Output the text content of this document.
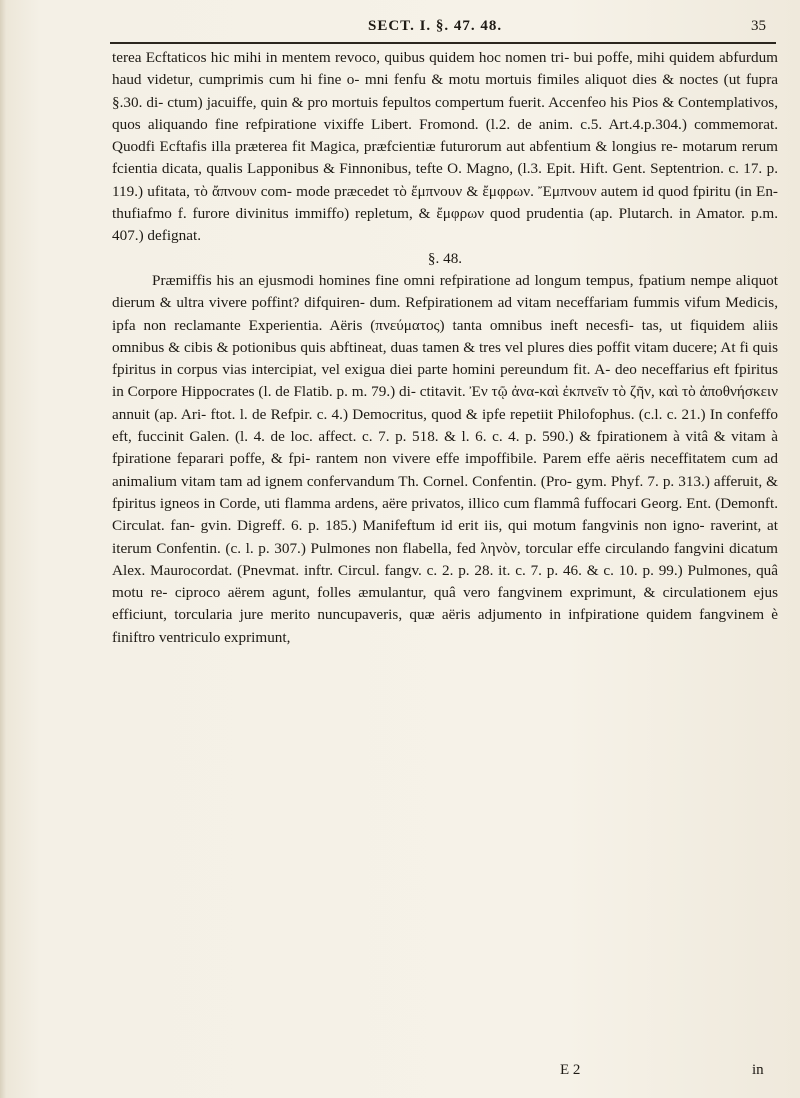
SECT. I. §. 47. 48.	35

terea Ecftaticos hic mihi in mentem revoco, quibus quidem hoc nomen tri- bui poffe, mihi quidem abfurdum haud videtur, cumprimis cum hi fine o- mni fenfu & motu mortuis fimiles aliquot dies & noctes (ut fupra §.30. di- ctum) jacuiffe, quin & pro mortuis fepultos compertum fuerit. Accenfeo his Pios & Contemplativos, quos aliquando fine refpiratione vixiffe Libert. Fromond. (l.2. de anim. c.5. Art.4.p.304.) commemorat. Quodfi Ecftafis illa præterea fit Magica, præfcientiæ futurorum aut abfentium & longius re- motarum rerum fcientia dicata, qualis Lapponibus & Finnonibus, tefte O. Magno, (l.3. Epit. Hift. Gent. Septentrion. c. 17. p. 119.) ufitata, τὸ ἄπνουν com- mode præcedet τὸ ἔμπνουν & ἔμφρων. Ἔμπνουν autem id quod fpiritu (in En- thufiafmo f. furore divinitus immiffo) repletum, & ἔμφρων quod prudentia (ap. Plutarch. in Amator. p.m. 407.) defignat.

§. 48.

Præmiffis his an ejusmodi homines fine omni refpiratione ad longum tempus, fpatium nempe aliquot dierum & ultra vivere poffint? difquiren- dum. Refpirationem ad vitam neceffariam fummis vifum Medicis, ipfa non reclamante Experientia. Aëris (πνεύματος) tanta omnibus ineft necesfi- tas, ut fiquidem aliis omnibus & cibis & potionibus quis abftineat, duas tamen & tres vel plures dies poffit vitam ducere; At fi quis fpiritus in corpus vias intercipiat, vel exigua diei parte homini pereundum fit. A- deo neceffarius eft fpiritus in Corpore Hippocrates (l. de Flatib. p. m. 79.) di- ctitavit. Ἐν τῷ ἀνα-καὶ ἐκπνεῖν τὸ ζῆν, καὶ τὸ ἀποθνήσκειν annuit (ap. Ari- ftot. l. de Refpir. c. 4.) Democritus, quod & ipfe repetiit Philofophus. (c.l. c. 21.) In confeffo eft, fuccinit Galen. (l. 4. de loc. affect. c. 7. p. 518. & l. 6. c. 4. p. 590.) & fpirationem à vitâ & vitam à fpiratione feparari poffe, & fpi- rantem non vivere effe impoffibile. Parem effe aëris neceffitatem cum ad animalium vitam tam ad ignem confervandum Th. Cornel. Confentin. (Pro- gym. Phyf. 7. p. 313.) afferuit, & fpiritus igneos in Corde, uti flamma ardens, aëre privatos, illico cum flammâ fuffocari Georg. Ent. (Demonft. Circulat. fan- gvin. Digreff. 6. p. 185.) Manifeftum id erit iis, qui motum fangvinis non igno- raverint, at iterum Confentin. (c. l. p. 307.) Pulmones non flabella, fed ληνὸν, torcular effe circulando fangvini dicatum Alex. Maurocordat. (Pnevmat. inftr. Circul. fangv. c. 2. p. 28. it. c. 7. p. 46. & c. 10. p. 99.) Pulmones, quâ motu re- ciproco aërem agunt, folles æmulantur, quâ vero fangvinem exprimunt, & circulationem ejus efficiunt, torcularia jure merito nuncupaveris, quæ aëris adjumento in infpiratione quidem fangvinem è finiftro ventriculo exprimunt,

E 2	in
